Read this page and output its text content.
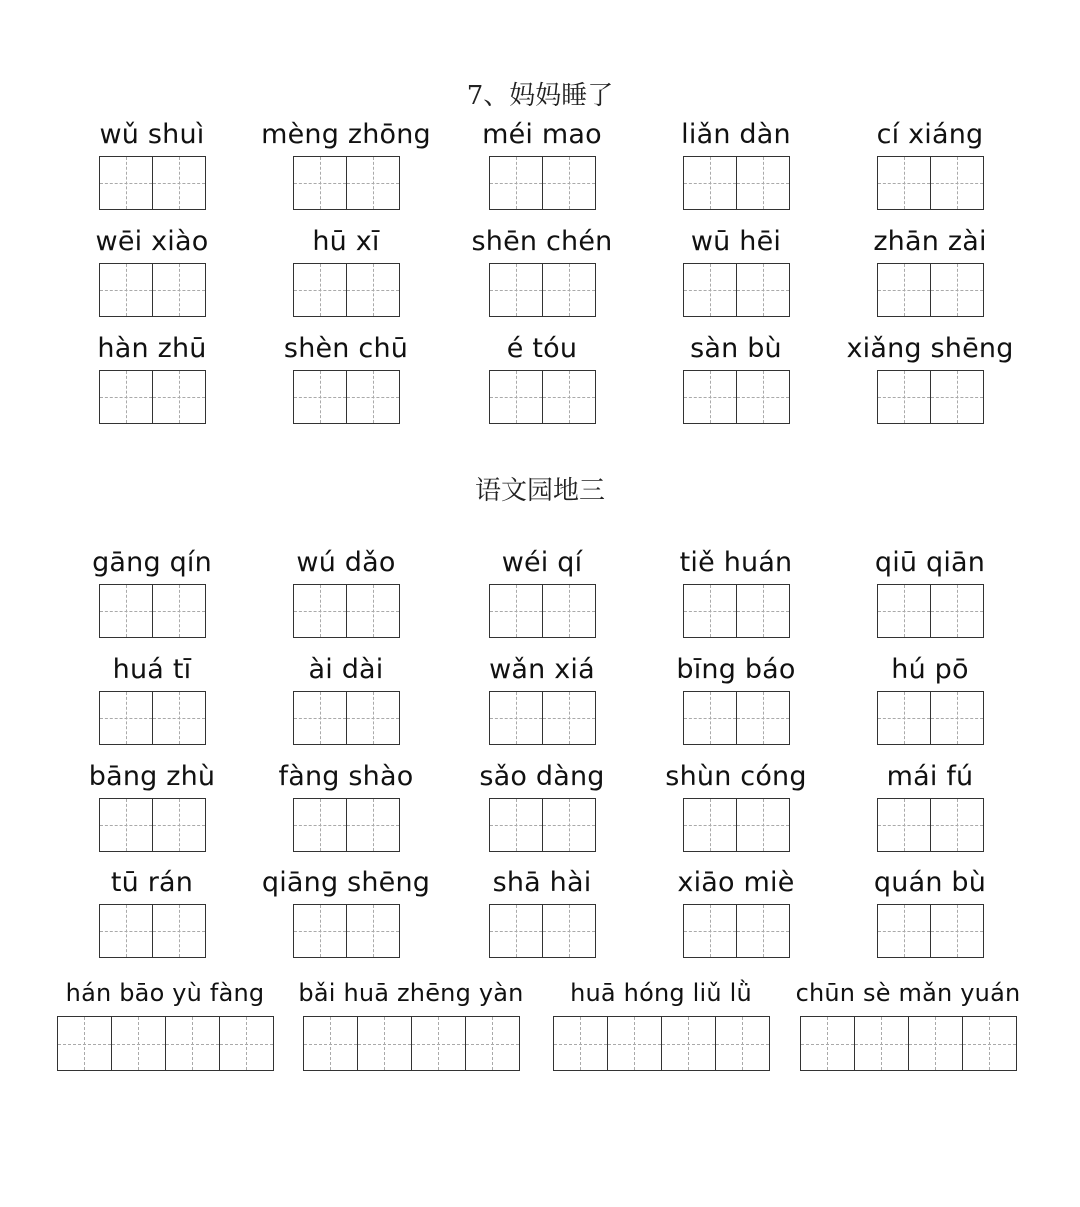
7、妈妈睡了
wǔ shuì	mèng zhōng	méi mao	liǎn dàn	cí xiáng
wēi xiào	hū xī	shēn chén	wū hēi	zhān zài
hàn zhū	shèn chū	é tóu	sàn bù	xiǎng shēng
语文园地三
gāng qín	wú dǎo	wéi qí	tiě huán	qiū qiān
huá tī	ài dài	wǎn xiá	bīng báo	hú pō
bāng zhù	fàng shào	sǎo dàng	shùn cóng	mái fú
tū rán	qiāng shēng	shā hài	xiāo miè	quán bù
hán bāo yù fàng	bǎi huā zhēng yàn	huā hóng liǔ lǜ	chūn sè mǎn yuán
